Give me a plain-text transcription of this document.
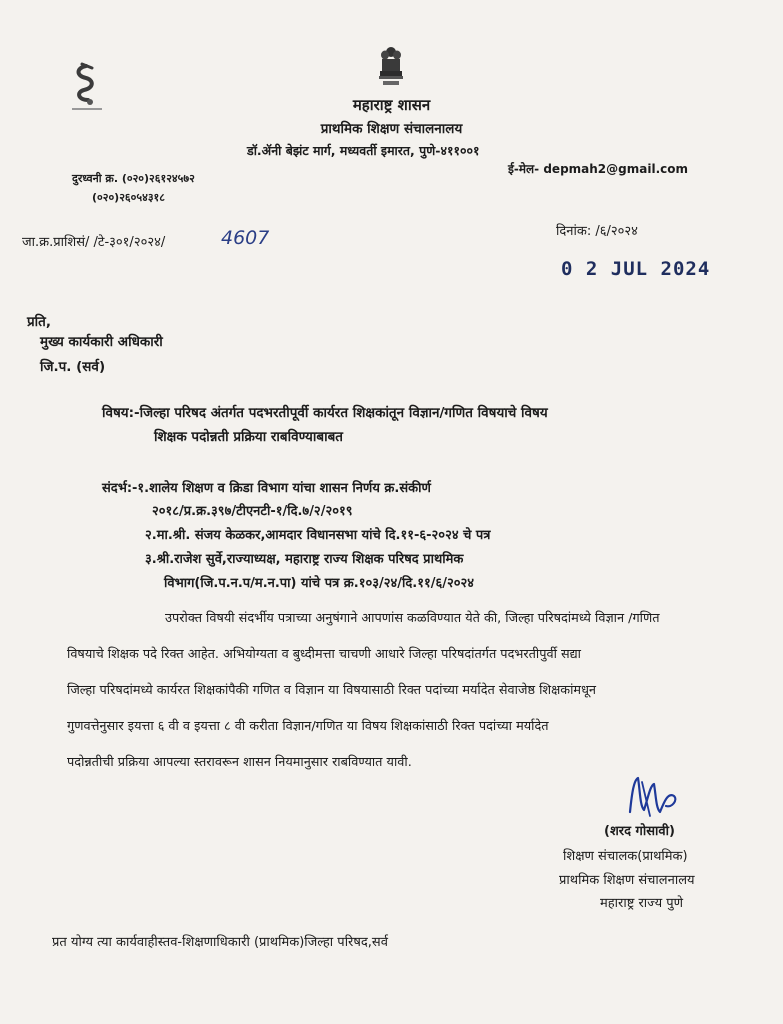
महाराष्ट्र शासन
प्राथमिक शिक्षण संचालनालय
डॉ.ॲनी बेझंट मार्ग, मध्यवर्ती इमारत, पुणे-४११००१
दुरध्वनी क्र. (०२०)२६१२४५७२
(०२०)२६०५४३१८
ई-मेल- depmah2@gmail.com
जा.क्र.प्राशिसं/ /टे-३०१/२०२४/	4607	दिनांक: /६/२०२४
0 2 JUL 2024
प्रति,
मुख्य कार्यकारी अधिकारी
जि.प. (सर्व)
विषय:-जिल्हा परिषद अंतर्गत पदभरतीपूर्वी कार्यरत शिक्षकांतून विज्ञान/गणित विषयाचे विषय
शिक्षक पदोन्नती प्रक्रिया राबविण्याबाबत
संदर्भ:-१.शालेय शिक्षण व क्रिडा विभाग यांचा शासन निर्णय क्र.संकीर्ण
२०१८/प्र.क्र.३९७/टीएनटी-१/दि.७/२/२०१९
२.मा.श्री. संजय केळकर,आमदार विधानसभा यांचे दि.११-६-२०२४ चे पत्र
३.श्री.राजेश सुर्वे,राज्याध्यक्ष, महाराष्ट्र राज्य शिक्षक परिषद प्राथमिक
विभाग(जि.प.न.प/म.न.पा) यांचे पत्र क्र.१०३/२४/दि.११/६/२०२४
उपरोक्त विषयी संदर्भीय पत्राच्या अनुषंगाने आपणांस कळविण्यात येते की, जिल्हा परिषदांमध्ये विज्ञान /गणित
विषयाचे शिक्षक पदे रिक्त आहेत. अभियोग्यता व बुध्दीमत्ता चाचणी आधारे जिल्हा परिषदांतर्गत पदभरतीपुर्वी सद्या
जिल्हा परिषदांमध्ये कार्यरत शिक्षकांपैकी गणित व विज्ञान या विषयासाठी रिक्त पदांच्या मर्यादेत सेवाजेष्ठ शिक्षकांमधून
गुणवत्तेनुसार इयत्ता ६ वी व इयत्ता ८ वी करीता विज्ञान/गणित या विषय शिक्षकांसाठी रिक्त पदांच्या मर्यादेत
पदोन्नतीची प्रक्रिया आपल्या स्तरावरून शासन नियमानुसार राबविण्यात यावी.
(शरद गोसावी)
शिक्षण संचालक(प्राथमिक)
प्राथमिक शिक्षण संचालनालय
महाराष्ट्र राज्य पुणे
प्रत योग्य त्या कार्यवाहीस्तव-शिक्षणाधिकारी (प्राथमिक)जिल्हा परिषद,सर्व
